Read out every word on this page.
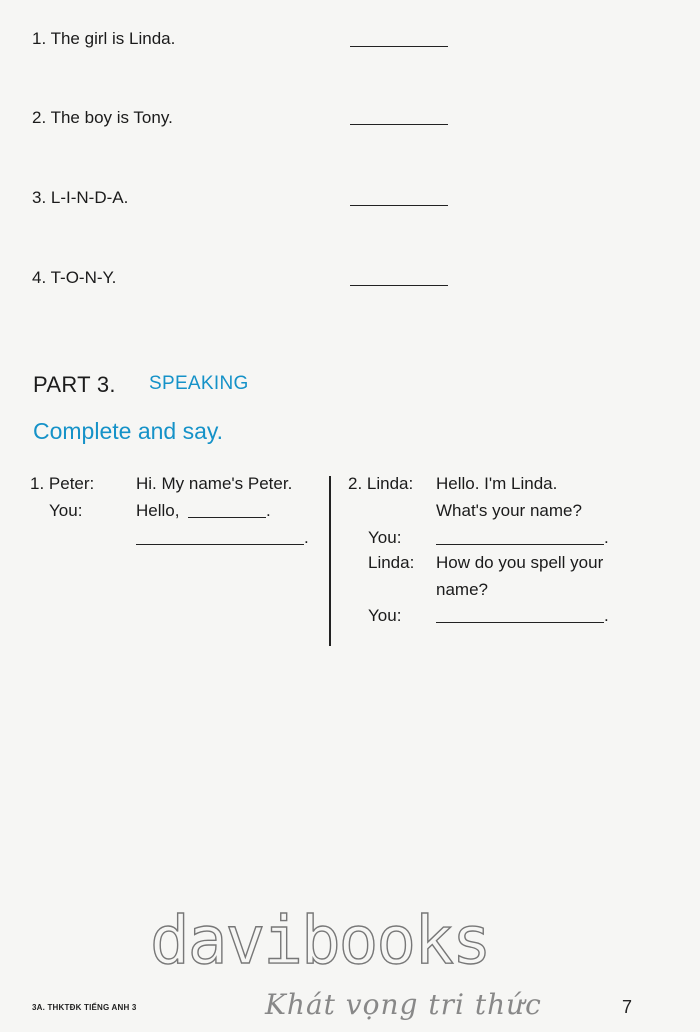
1. The girl is Linda.
2. The boy is Tony.
3. L-I-N-D-A.
4. T-O-N-Y.
PART 3. SPEAKING
Complete and say.
1. Peter: Hi. My name's Peter.
You:	Hello,	.
.
2. Linda: Hello. I'm Linda.
What's your name?
You:	.
Linda: How do you spell your
name?
You:	.
davibooks
Khát vọng tri thức
3A. THKTĐK TIẾNG ANH 3	7
